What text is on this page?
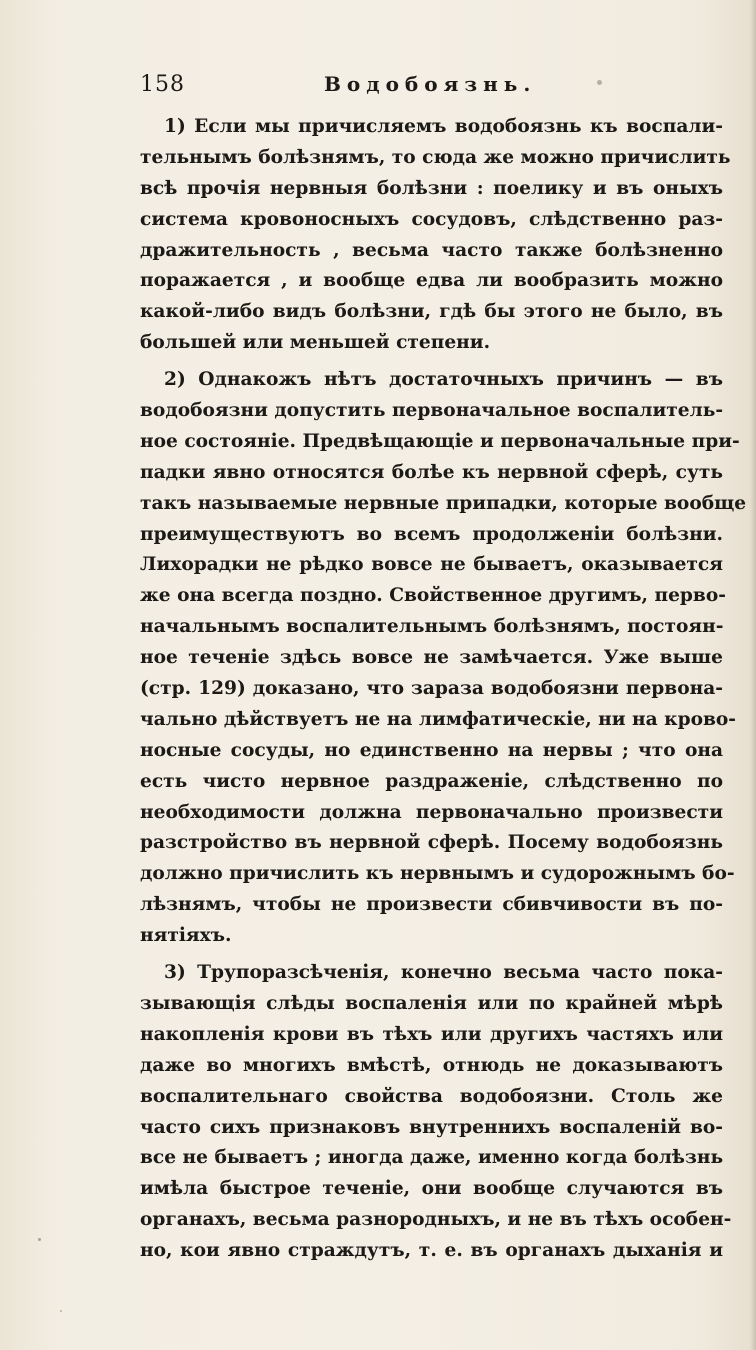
158	Водобоязнь.
1) Если мы причисляемъ водобоязнь къ воспали-
тельнымъ болѣзнямъ, то сюда же можно причислить
всѣ прочія нервныя болѣзни : поелику и въ оныхъ
система кровоносныхъ сосудовъ, слѣдственно раз-
дражительность , весьма часто также болѣзненно
поражается , и вообще едва ли вообразить можно
какой-либо видъ болѣзни, гдѣ бы этого не было, въ
большей или меньшей степени.
2) Однакожъ нѣтъ достаточныхъ причинъ — въ
водобоязни допустить первоначальное воспалитель-
ное состояніе. Предвѣщающіе и первоначальные при-
падки явно относятся болѣе къ нервной сферѣ, суть
такъ называемые нервные припадки, которые вообще
преимуществуютъ во всемъ продолженіи болѣзни.
Лихорадки не рѣдко вовсе не бываетъ, оказывается
же она всегда поздно. Свойственное другимъ, перво-
начальнымъ воспалительнымъ болѣзнямъ, постоян-
ное теченіе здѣсь вовсе не замѣчается. Уже выше
(стр. 129) доказано, что зараза водобоязни первона-
чально дѣйствуетъ не на лимфатическіе, ни на крово-
носные сосуды, но единственно на нервы ; что она
есть чисто нервное раздраженіе, слѣдственно по
необходимости должна первоначально произвести
разстройство въ нервной сферѣ. Посему водобоязнь
должно причислить къ нервнымъ и судорожнымъ бо-
лѣзнямъ, чтобы не произвести сбивчивости въ по-
нятіяхъ.
3) Трупоразсѣченія, конечно весьма часто пока-
зывающія слѣды воспаленія или по крайней мѣрѣ
накопленія крови въ тѣхъ или другихъ частяхъ или
даже во многихъ вмѣстѣ, отнюдь не доказываютъ
воспалительнаго свойства водобоязни. Столь же
часто сихъ признаковъ внутреннихъ воспаленій во-
все не бываетъ ; иногда даже, именно когда болѣзнь
имѣла быстрое теченіе, они вообще случаются въ
органахъ, весьма разнородныхъ, и не въ тѣхъ особен-
но, кои явно страждутъ, т. е. въ органахъ дыханія и
